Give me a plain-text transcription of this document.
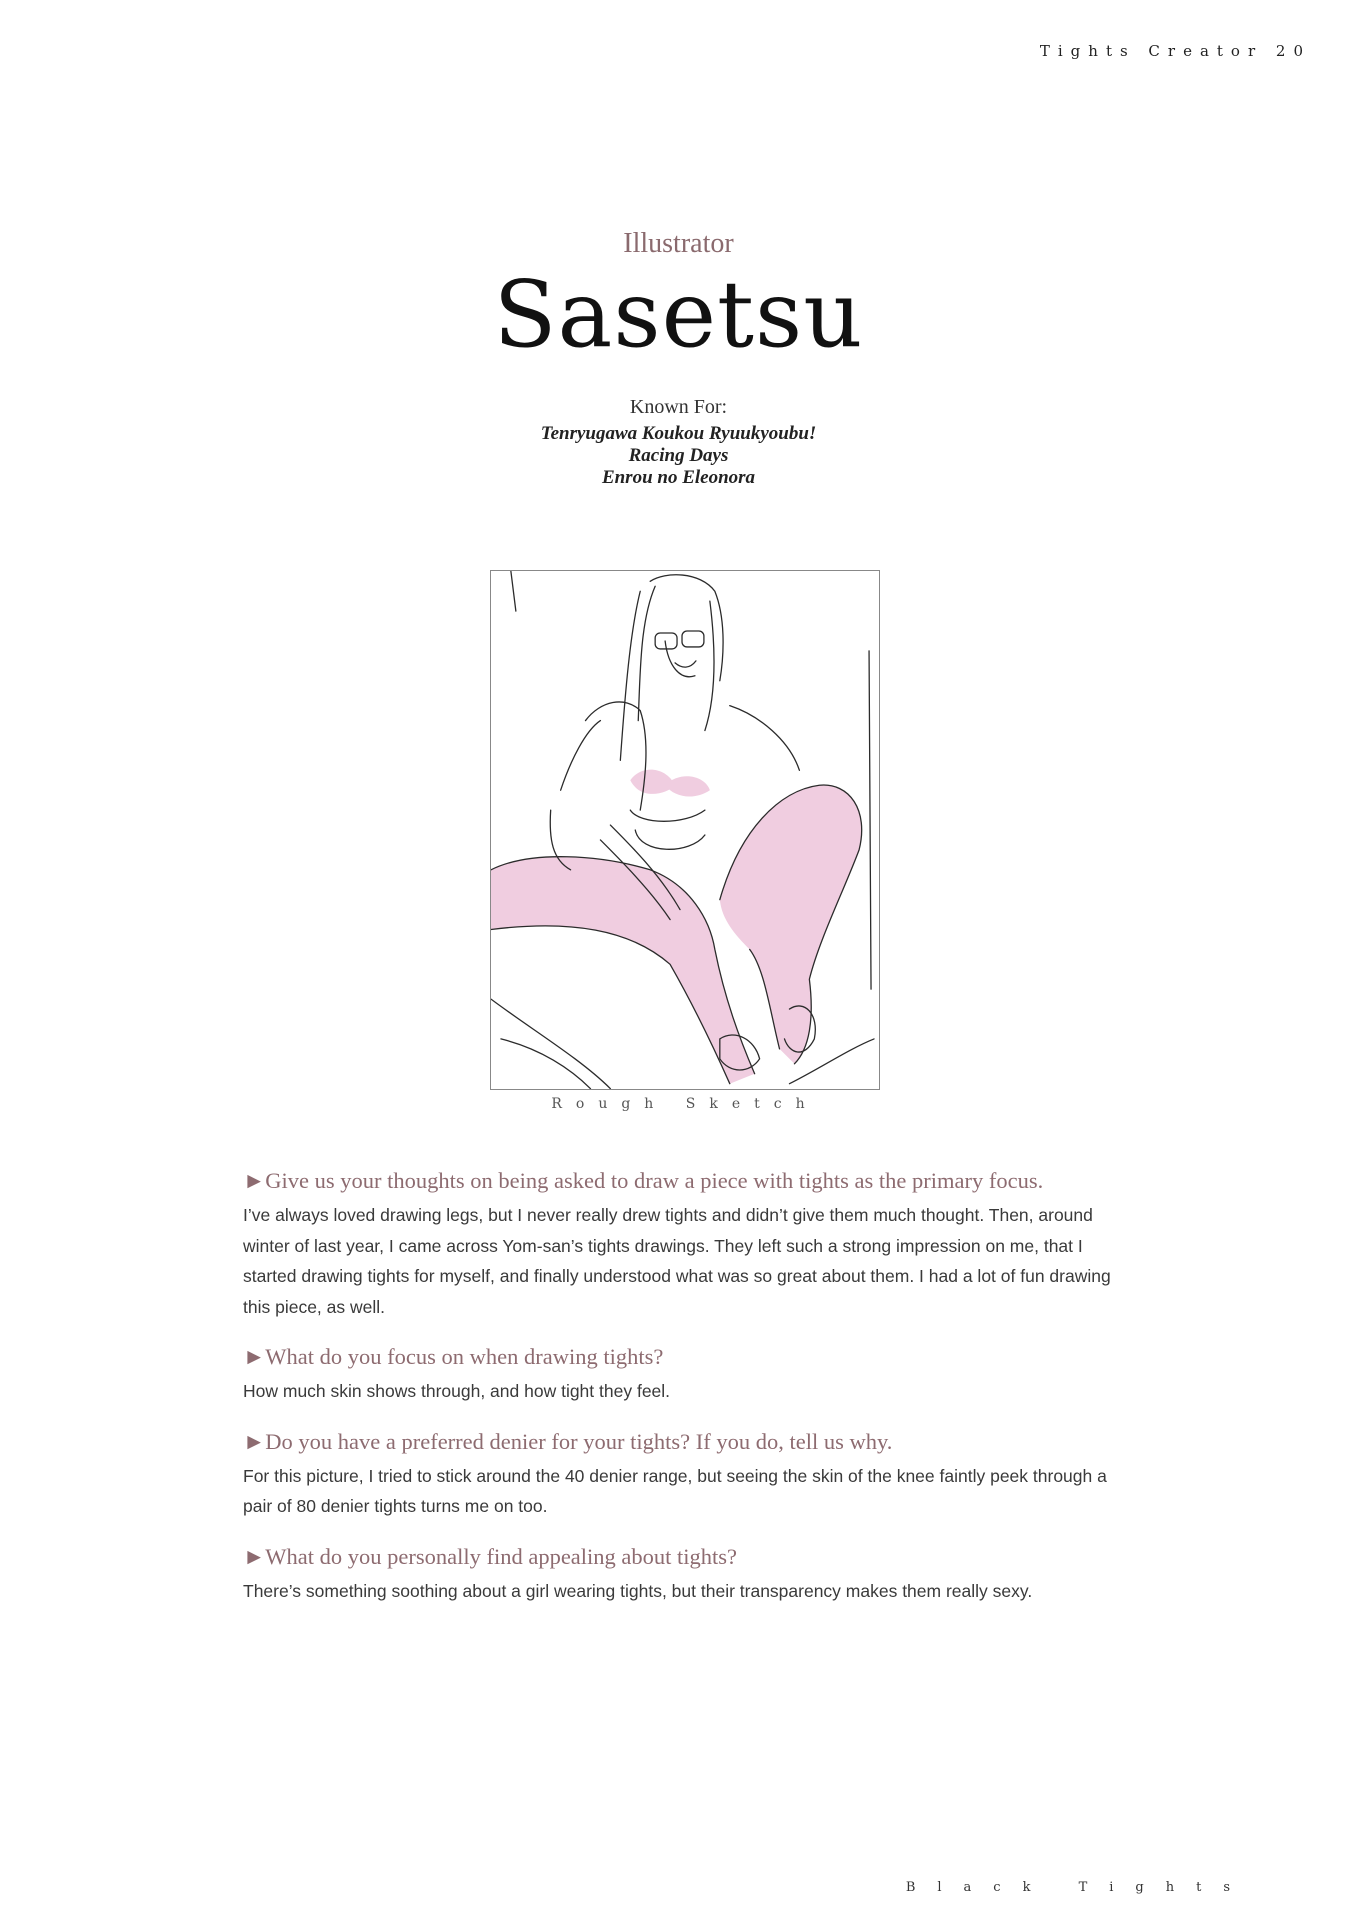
Tights Creator 20
Illustrator
Sasetsu
Known For:
Tenryugawa Koukou Ryuukyoubu!
Racing Days
Enrou no Eleonora
Rough Sketch

►Give us your thoughts on being asked to draw a piece with tights as the primary focus.

I’ve always loved drawing legs, but I never really drew tights and didn’t give them much thought. Then, around winter of last year, I came across Yom-san’s tights drawings. They left such a strong impression on me, that I started drawing tights for myself, and finally understood what was so great about them. I had a lot of fun drawing this piece, as well.

►What do you focus on when drawing tights?

How much skin shows through, and how tight they feel.

►Do you have a preferred denier for your tights? If you do, tell us why.

For this picture, I tried to stick around the 40 denier range, but seeing the skin of the knee faintly peek through a pair of 80 denier tights turns me on too.

►What do you personally find appealing about tights?

There’s something soothing about a girl wearing tights, but their transparency makes them really sexy.

Black Tights
